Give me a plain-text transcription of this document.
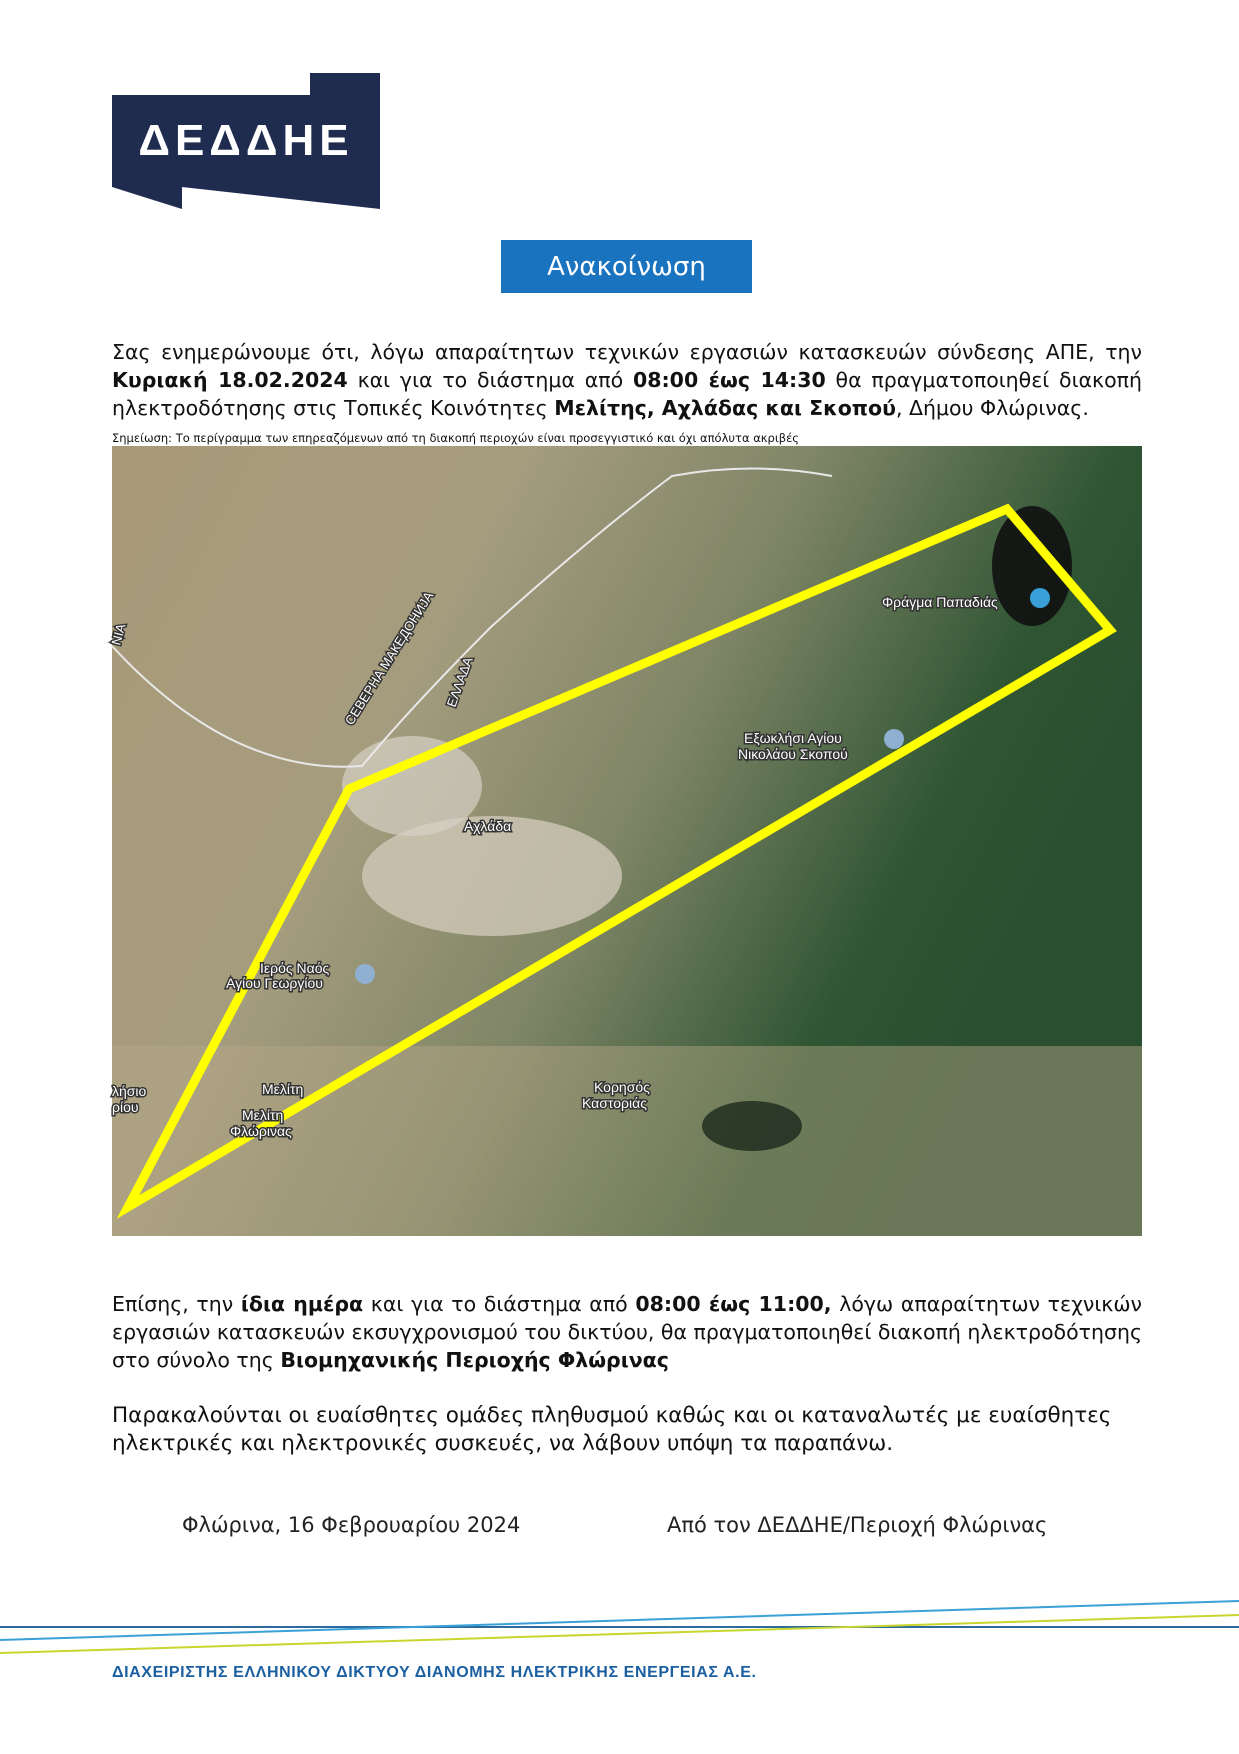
ΔΕΔΔΗΕ
Ανακοίνωση
Σας ενημερώνουμε ότι, λόγω απαραίτητων τεχνικών εργασιών κατασκευών σύνδεσης ΑΠΕ, την Κυριακή 18.02.2024 και για το διάστημα από 08:00 έως 14:30 θα πραγματοποιηθεί διακοπή ηλεκτροδότησης στις Τοπικές Κοινότητες Μελίτης, Αχλάδας και Σκοπού, Δήμου Φλώρινας.
Σημείωση: Το περίγραμμα των επηρεαζόμενων από τη διακοπή περιοχών είναι προσεγγιστικό και όχι απόλυτα ακριβές
Φράγμα Παπαδιάς
Εξωκλήσι Αγίου
Νικολάου Σκοπού
Αχλάδα
Ιερός Ναός
Αγίου Γεωργίου
Μελίτη
Μελίτη
Φλώρινας
Κορησός
Καστοριάς
λήσιο
ρίου
СЕВЕРНА МАКЕДОНИЈА ΕΛΛΑΔΑ
NIA
Επίσης, την ίδια ημέρα και για το διάστημα από 08:00 έως 11:00, λόγω απαραίτητων τεχνικών εργασιών κατασκευών εκσυγχρονισμού του δικτύου, θα πραγματοποιηθεί διακοπή ηλεκτροδότησης στο σύνολο της Βιομηχανικής Περιοχής Φλώρινας
Παρακαλούνται οι ευαίσθητες ομάδες πληθυσμού καθώς και οι καταναλωτές με ευαίσθητες ηλεκτρικές και ηλεκτρονικές συσκευές, να λάβουν υπόψη τα παραπάνω.
Φλώρινα, 16 Φεβρουαρίου 2024	Από τον ΔΕΔΔΗΕ/Περιοχή Φλώρινας
ΔΙΑΧΕΙΡΙΣΤΗΣ ΕΛΛΗΝΙΚΟΥ ΔΙΚΤΥΟΥ ΔΙΑΝΟΜΗΣ ΗΛΕΚΤΡΙΚΗΣ ΕΝΕΡΓΕΙΑΣ Α.Ε.
